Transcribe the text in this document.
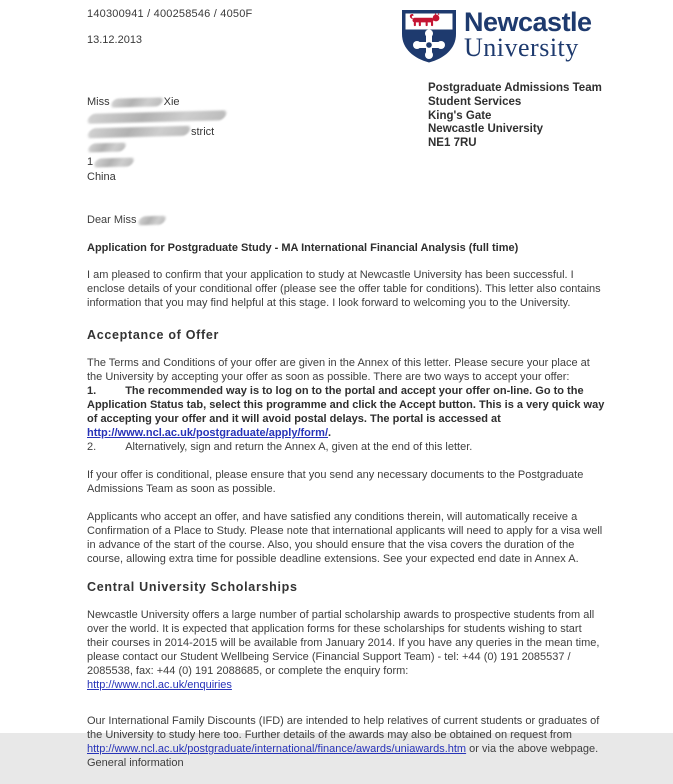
140300941 / 400258546 / 4050F
13.12.2013
Newcastle
University
Postgraduate Admissions Team
Student Services
King's Gate
Newcastle University
NE1 7RU
Miss	Xie
strict
1
China

Dear Miss

Application for Postgraduate Study - MA International Financial Analysis (full time)

I am pleased to confirm that your application to study at Newcastle University has been successful. I enclose details of your conditional offer (please see the offer table for conditions). This letter also contains information that you may find helpful at this stage. I look forward to welcoming you to the University.

Acceptance of Offer

The Terms and Conditions of your offer are given in the Annex of this letter. Please secure your place at the University by accepting your offer as soon as possible. There are two ways to accept your offer:

1.	The recommended way is to log on to the portal and accept your offer on-line. Go to the Application Status tab, select this programme and click the Accept button. This is a very quick way of accepting your offer and it will avoid postal delays. The portal is accessed at http://www.ncl.ac.uk/postgraduate/apply/form/.

2.	Alternatively, sign and return the Annex A, given at the end of this letter.

If your offer is conditional, please ensure that you send any necessary documents to the Postgraduate Admissions Team as soon as possible.

Applicants who accept an offer, and have satisfied any conditions therein, will automatically receive a Confirmation of a Place to Study. Please note that international applicants will need to apply for a visa well in advance of the start of the course. Also, you should ensure that the visa covers the duration of the course, allowing extra time for possible deadline extensions. See your expected end date in Annex A.

Central University Scholarships

Newcastle University offers a large number of partial scholarship awards to prospective students from all over the world. It is expected that application forms for these scholarships for students wishing to start their courses in 2014-2015 will be available from January 2014. If you have any queries in the mean time, please contact our Student Wellbeing Service (Financial Support Team) - tel: +44 (0) 191 2085537 / 2085538, fax: +44 (0) 191 2088685, or complete the enquiry form:
http://www.ncl.ac.uk/enquiries

Our International Family Discounts (IFD) are intended to help relatives of current students or graduates of the University to study here too. Further details of the awards may also be obtained on request from http://www.ncl.ac.uk/postgraduate/international/finance/awards/uniawards.htm or via the above webpage. General information
